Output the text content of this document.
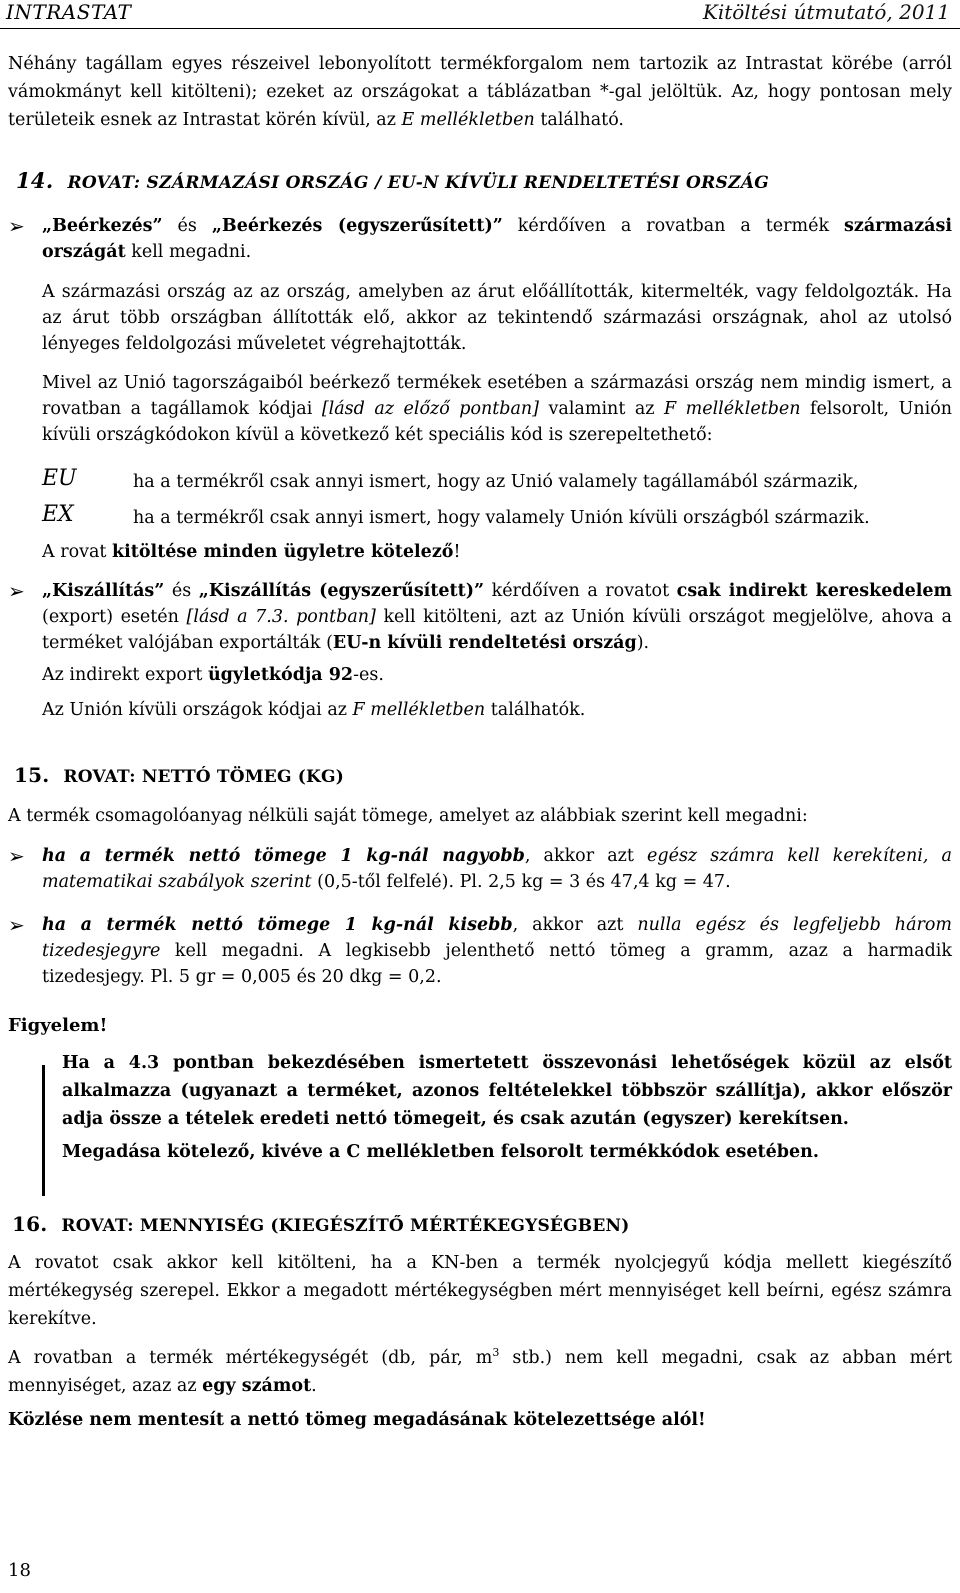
INTRASTAT	Kitöltési útmutató, 2011
Néhány tagállam egyes részeivel lebonyolított termékforgalom nem tartozik az Intrastat körébe (arról vámokmányt kell kitölteni); ezeket az országokat a táblázatban *-gal jelöltük. Az, hogy pontosan mely területeik esnek az Intrastat körén kívül, az E mellékletben található.
14. ROVAT: SZÁRMAZÁSI ORSZÁG / EU-N KÍVÜLI RENDELTETÉSI ORSZÁG
➢ „Beérkezés” és „Beérkezés (egyszerűsített)” kérdőíven a rovatban a termék származási országát kell megadni.
A származási ország az az ország, amelyben az árut előállították, kitermelték, vagy feldolgozták. Ha az árut több országban állították elő, akkor az tekintendő származási országnak, ahol az utolsó lényeges feldolgozási műveletet végrehajtották.
Mivel az Unió tagországaiból beérkező termékek esetében a származási ország nem mindig ismert, a rovatban a tagállamok kódjai [lásd az előző pontban] valamint az F mellékletben felsorolt, Unión kívüli országkódokon kívül a következő két speciális kód is szerepeltethető:
EU	ha a termékről csak annyi ismert, hogy az Unió valamely tagállamából származik,
EX	ha a termékről csak annyi ismert, hogy valamely Unión kívüli országból származik.
A rovat kitöltése minden ügyletre kötelező!
➢ „Kiszállítás” és „Kiszállítás (egyszerűsített)” kérdőíven a rovatot csak indirekt kereskedelem (export) esetén [lásd a 7.3. pontban] kell kitölteni, azt az Unión kívüli országot megjelölve, ahova a terméket valójában exportálták (EU-n kívüli rendeltetési ország).
Az indirekt export ügyletkódja 92-es.
Az Unión kívüli országok kódjai az F mellékletben találhatók.
15. ROVAT: NETTÓ TÖMEG (KG)
A termék csomagolóanyag nélküli saját tömege, amelyet az alábbiak szerint kell megadni:
➢ ha a termék nettó tömege 1 kg-nál nagyobb, akkor azt egész számra kell kerekíteni, a matematikai szabályok szerint (0,5-től felfelé). Pl. 2,5 kg = 3 és 47,4 kg = 47.
➢ ha a termék nettó tömege 1 kg-nál kisebb, akkor azt nulla egész és legfeljebb három tizedesjegyre kell megadni. A legkisebb jelenthető nettó tömeg a gramm, azaz a harmadik tizedesjegy. Pl. 5 gr = 0,005 és 20 dkg = 0,2.
Figyelem!
Ha a 4.3 pontban bekezdésében ismertetett összevonási lehetőségek közül az elsőt alkalmazza (ugyanazt a terméket, azonos feltételekkel többször szállítja), akkor először adja össze a tételek eredeti nettó tömegeit, és csak azután (egyszer) kerekítsen.
Megadása kötelező, kivéve a C mellékletben felsorolt termékkódok esetében.
16. ROVAT: MENNYISÉG (KIEGÉSZÍTŐ MÉRTÉKEGYSÉGBEN)
A rovatot csak akkor kell kitölteni, ha a KN-ben a termék nyolcjegyű kódja mellett kiegészítő mértékegység szerepel. Ekkor a megadott mértékegységben mért mennyiséget kell beírni, egész számra kerekítve.
A rovatban a termék mértékegységét (db, pár, $m^3$ stb.) nem kell megadni, csak az abban mért mennyiséget, azaz az egy számot.
Közlése nem mentesít a nettó tömeg megadásának kötelezettsége alól!
18
